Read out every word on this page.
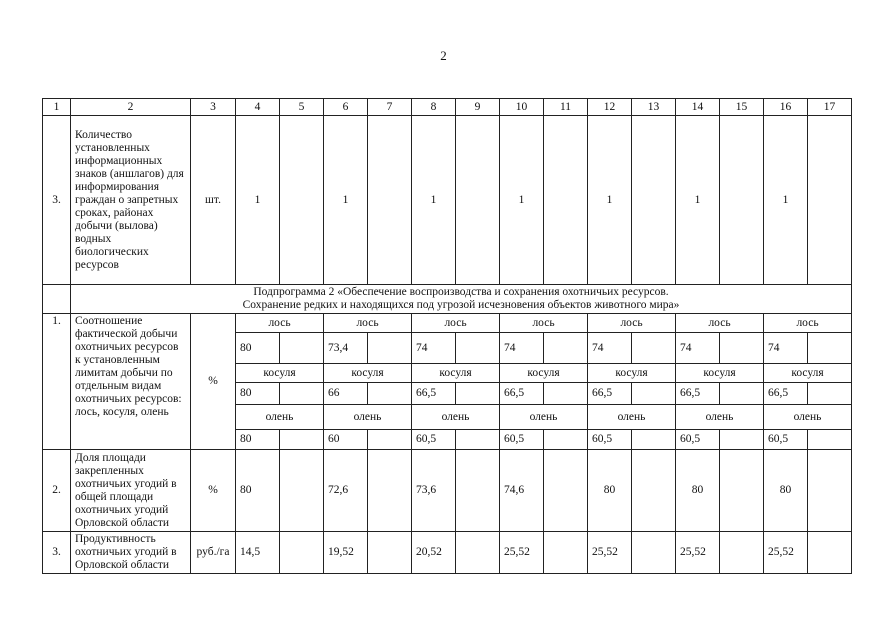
2
1	2	3	4	5	6	7	8	9	10	11	12	13	14	15	16	17
3.	Количество установленных информационных знаков (аншлагов) для информирования граждан о запретных сроках, районах добычи (вылова) водных биологических ресурсов	шт.	1		1		1		1		1		1		1	

	Подпрограмма 2 «Обеспечение воспроизводства и сохранения охотничьих ресурсов.
Сохранение редких и находящихся под угрозой исчезновения объектов животного мира»															

1.	Соотношение фактической добычи охотничьих ресурсов к установленным лимитам добычи по отдельным видам охотничьих ресурсов: лось, косуля, олень	%	лось		лось		лось		лось		лось		лось		лось	
			80		73,4		74		74		74		74		74	
			косуля		косуля		косуля		косуля		косуля		косуля		косуля	
			80		66		66,5		66,5		66,5		66,5		66,5	
			олень		олень		олень		олень		олень		олень		олень	
			80		60		60,5		60,5		60,5		60,5		60,5	
2.	Доля площади закрепленных охотничьих угодий в общей площади охотничьих угодий Орловской области	%	80		72,6		73,6		74,6		80		80		80	
3.	Продуктивность охотничьих угодий в Орловской области	руб./га	14,5		19,52		20,52		25,52		25,52		25,52		25,52	
